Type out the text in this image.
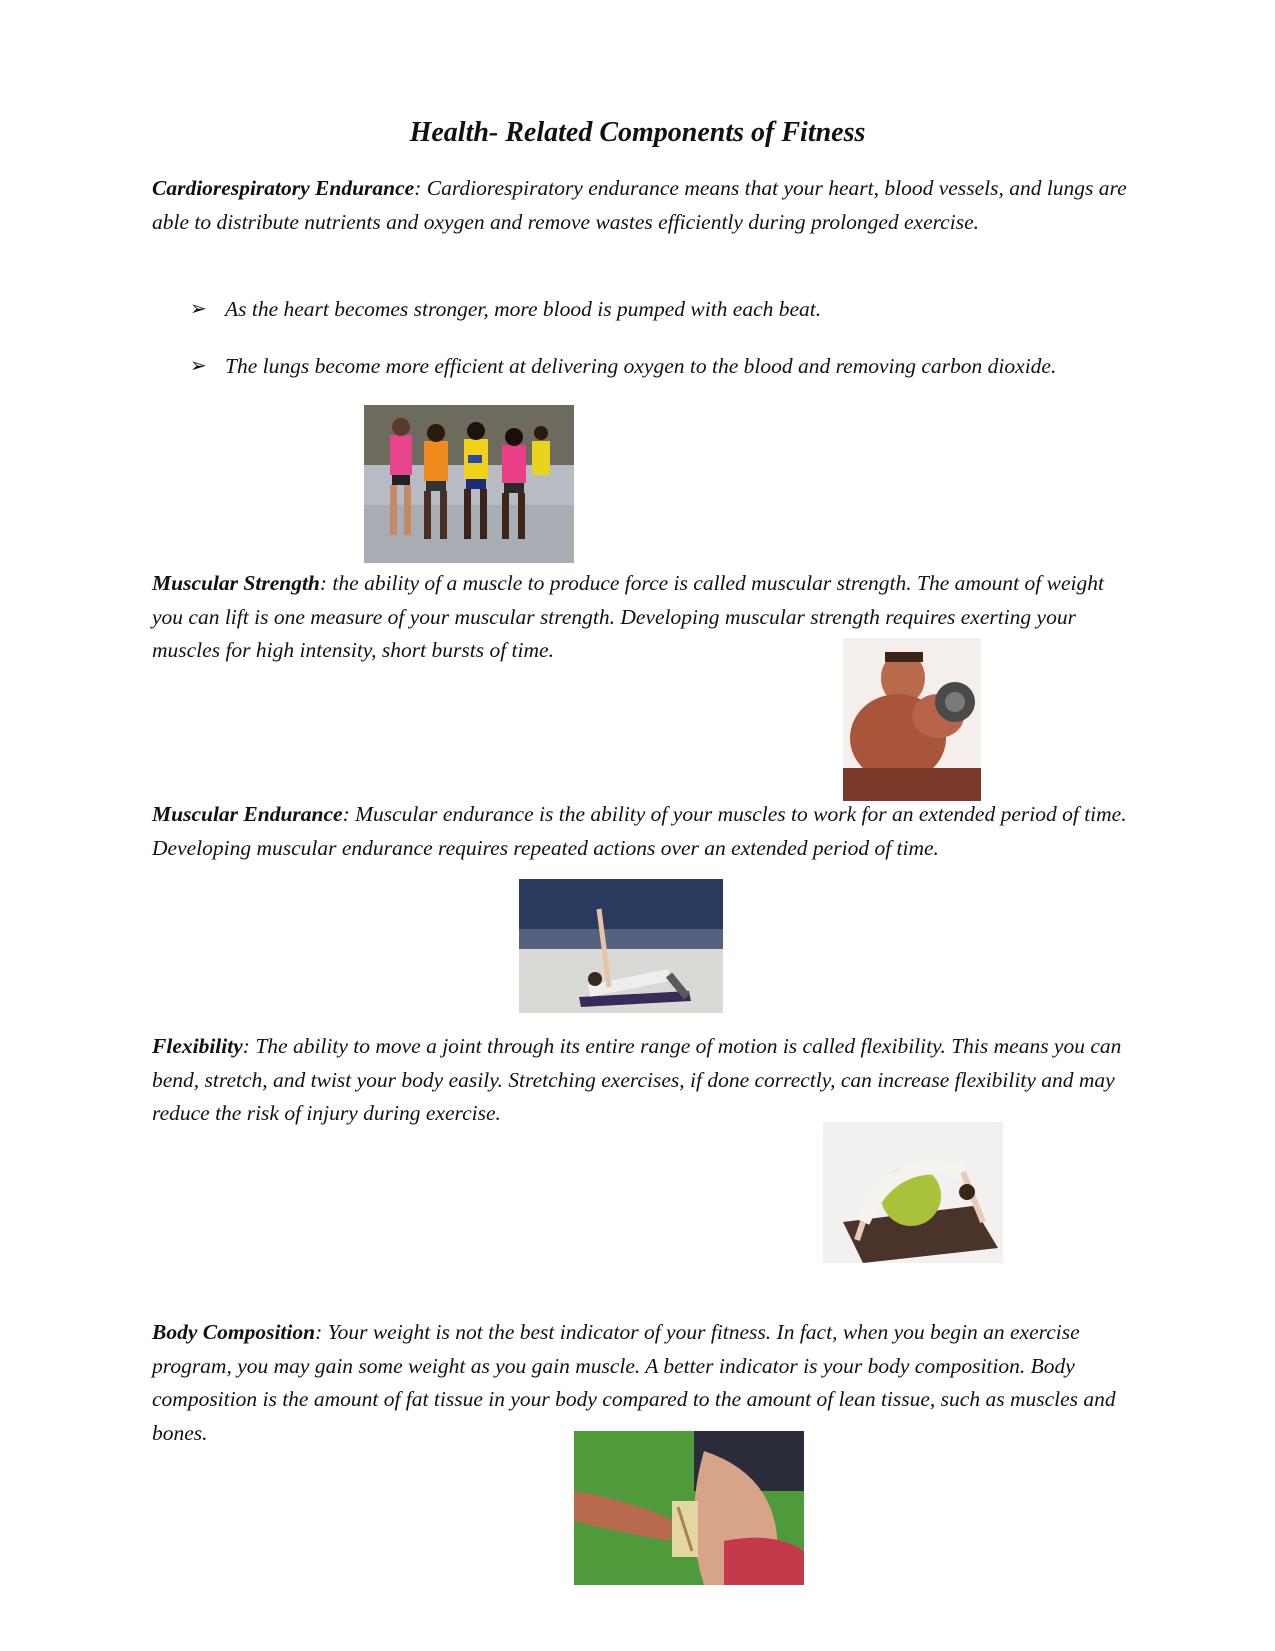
Health- Related Components of Fitness

Cardiorespiratory Endurance: Cardiorespiratory endurance means that your heart, blood vessels, and lungs are able to distribute nutrients and oxygen and remove wastes efficiently during prolonged exercise.

➢ As the heart becomes stronger, more blood is pumped with each beat.
➢ The lungs become more efficient at delivering oxygen to the blood and removing carbon dioxide.

Muscular Strength: the ability of a muscle to produce force is called muscular strength. The amount of weight you can lift is one measure of your muscular strength. Developing muscular strength requires exerting your muscles for high intensity, short bursts of time.

Muscular Endurance: Muscular endurance is the ability of your muscles to work for an extended period of time. Developing muscular endurance requires repeated actions over an extended period of time.

Flexibility: The ability to move a joint through its entire range of motion is called flexibility. This means you can bend, stretch, and twist your body easily. Stretching exercises, if done correctly, can increase flexibility and may reduce the risk of injury during exercise.

Body Composition: Your weight is not the best indicator of your fitness. In fact, when you begin an exercise program, you may gain some weight as you gain muscle. A better indicator is your body composition. Body composition is the amount of fat tissue in your body compared to the amount of lean tissue, such as muscles and bones.
